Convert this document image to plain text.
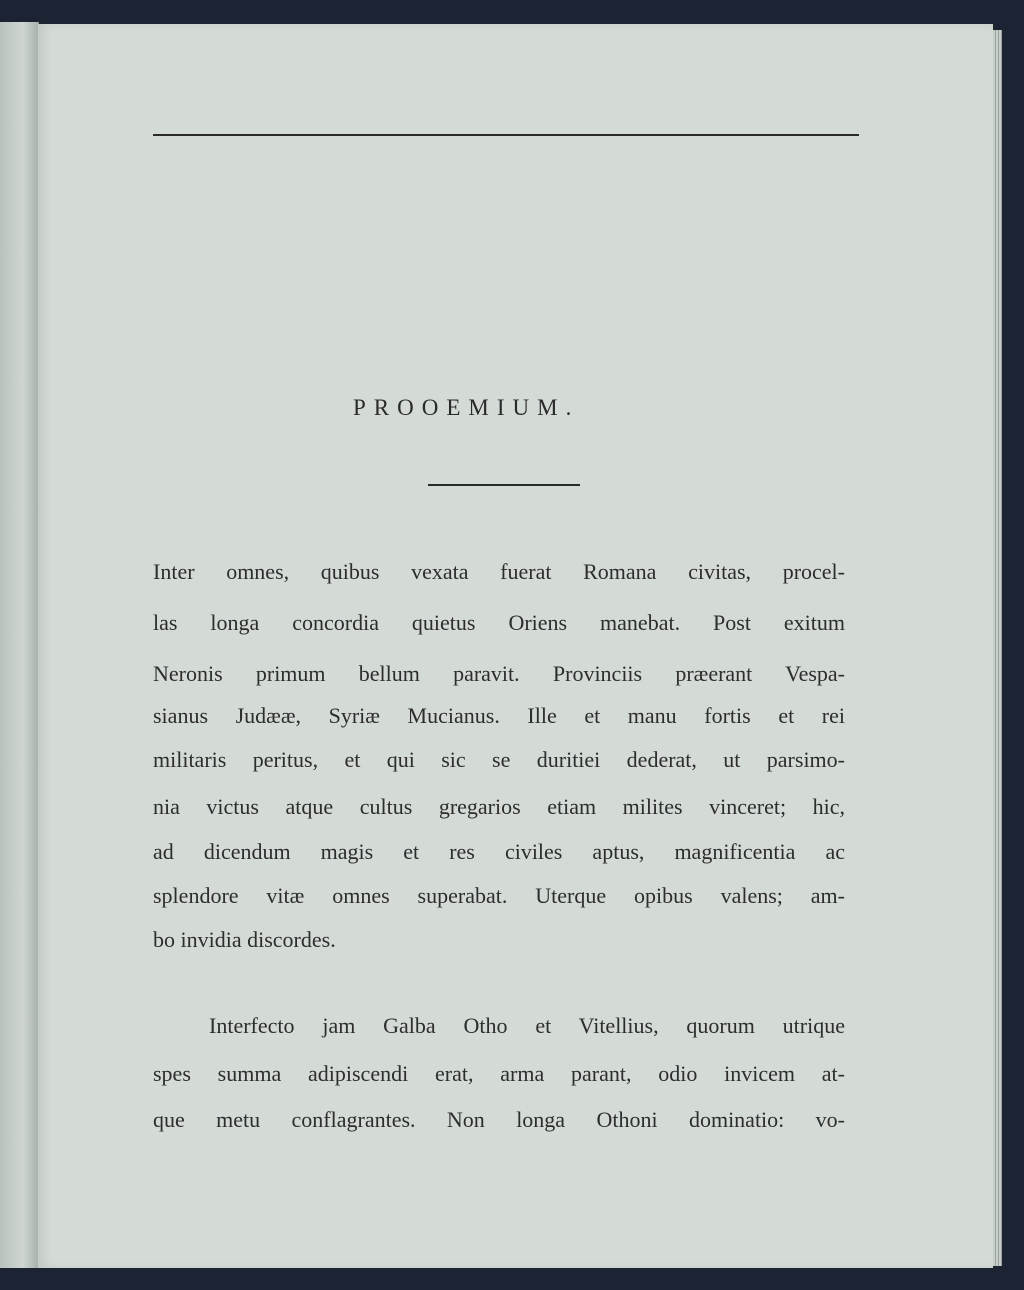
PROOEMIUM.
Inter omnes, quibus vexata fuerat Romana civitas, procel-
las longa concordia quietus Oriens manebat. Post exitum
Neronis primum bellum paravit. Provinciis præerant Vespa-
sianus Judææ, Syriæ Mucianus. Ille et manu fortis et rei
militaris peritus, et qui sic se duritiei dederat, ut parsimo-
nia victus atque cultus gregarios etiam milites vinceret; hic,
ad dicendum magis et res civiles aptus, magnificentia ac
splendore vitæ omnes superabat. Uterque opibus valens; am-
bo invidia discordes.
Interfecto jam Galba Otho et Vitellius, quorum utrique
spes summa adipiscendi erat, arma parant, odio invicem at-
que metu conflagrantes. Non longa Othoni dominatio: vo-
